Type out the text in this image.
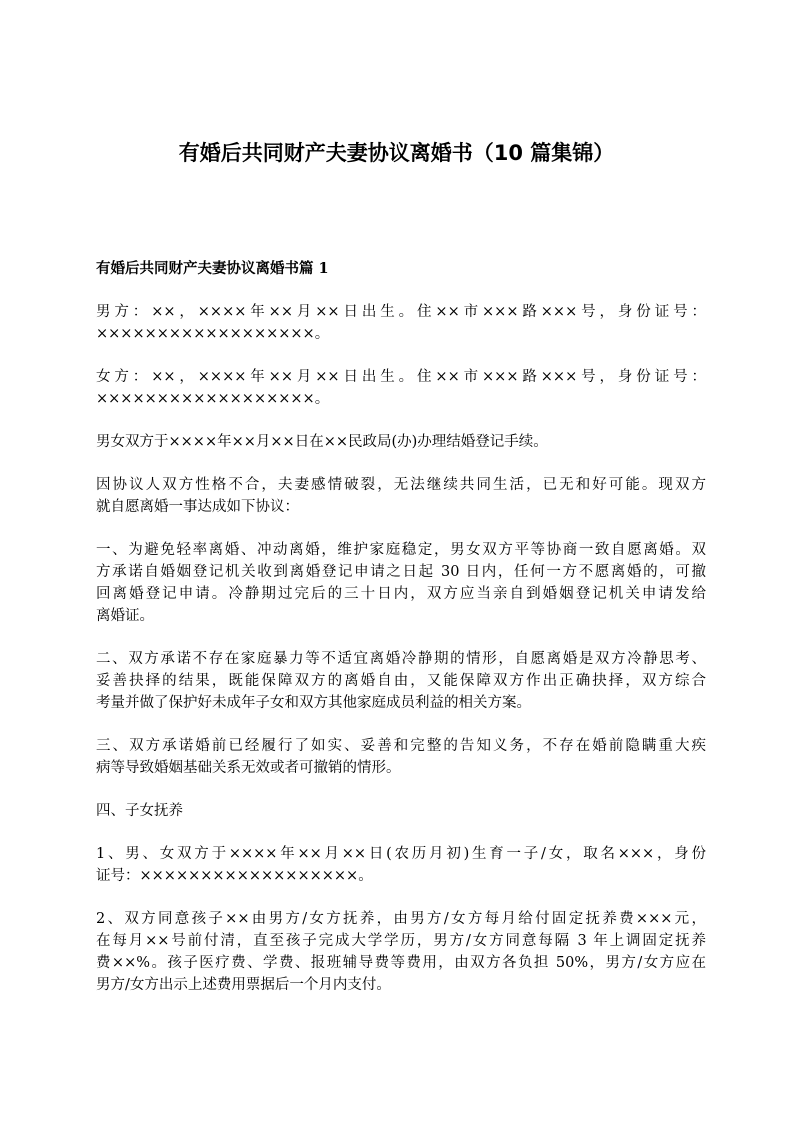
有婚后共同财产夫妻协议离婚书（10 篇集锦）
有婚后共同财产夫妻协议离婚书篇 1
男方：××，××××年××月××日出生。住××市×××路×××号，身份证号：
××××××××××××××××××。
女方：××，××××年××月××日出生。住××市×××路×××号，身份证号：
××××××××××××××××××。
男女双方于××××年××月××日在××民政局(办)办理结婚登记手续。
因协议人双方性格不合，夫妻感情破裂，无法继续共同生活，已无和好可能。现双方
就自愿离婚一事达成如下协议：
一、为避免轻率离婚、冲动离婚，维护家庭稳定，男女双方平等协商一致自愿离婚。双
方承诺自婚姻登记机关收到离婚登记申请之日起 30 日内，任何一方不愿离婚的，可撤
回离婚登记申请。冷静期过完后的三十日内，双方应当亲自到婚姻登记机关申请发给
离婚证。
二、双方承诺不存在家庭暴力等不适宜离婚冷静期的情形，自愿离婚是双方冷静思考、
妥善抉择的结果，既能保障双方的离婚自由，又能保障双方作出正确抉择，双方综合
考量并做了保护好未成年子女和双方其他家庭成员利益的相关方案。
三、双方承诺婚前已经履行了如实、妥善和完整的告知义务，不存在婚前隐瞒重大疾
病等导致婚姻基础关系无效或者可撤销的情形。
四、子女抚养
1、男、女双方于××××年××月××日(农历月初)生育一子/女，取名×××，身份
证号：××××××××××××××××××。
2、双方同意孩子××由男方/女方抚养，由男方/女方每月给付固定抚养费×××元，
在每月××号前付清，直至孩子完成大学学历，男方/女方同意每隔 3 年上调固定抚养
费××%。孩子医疗费、学费、报班辅导费等费用，由双方各负担 50%，男方/女方应在
男方/女方出示上述费用票据后一个月内支付。
